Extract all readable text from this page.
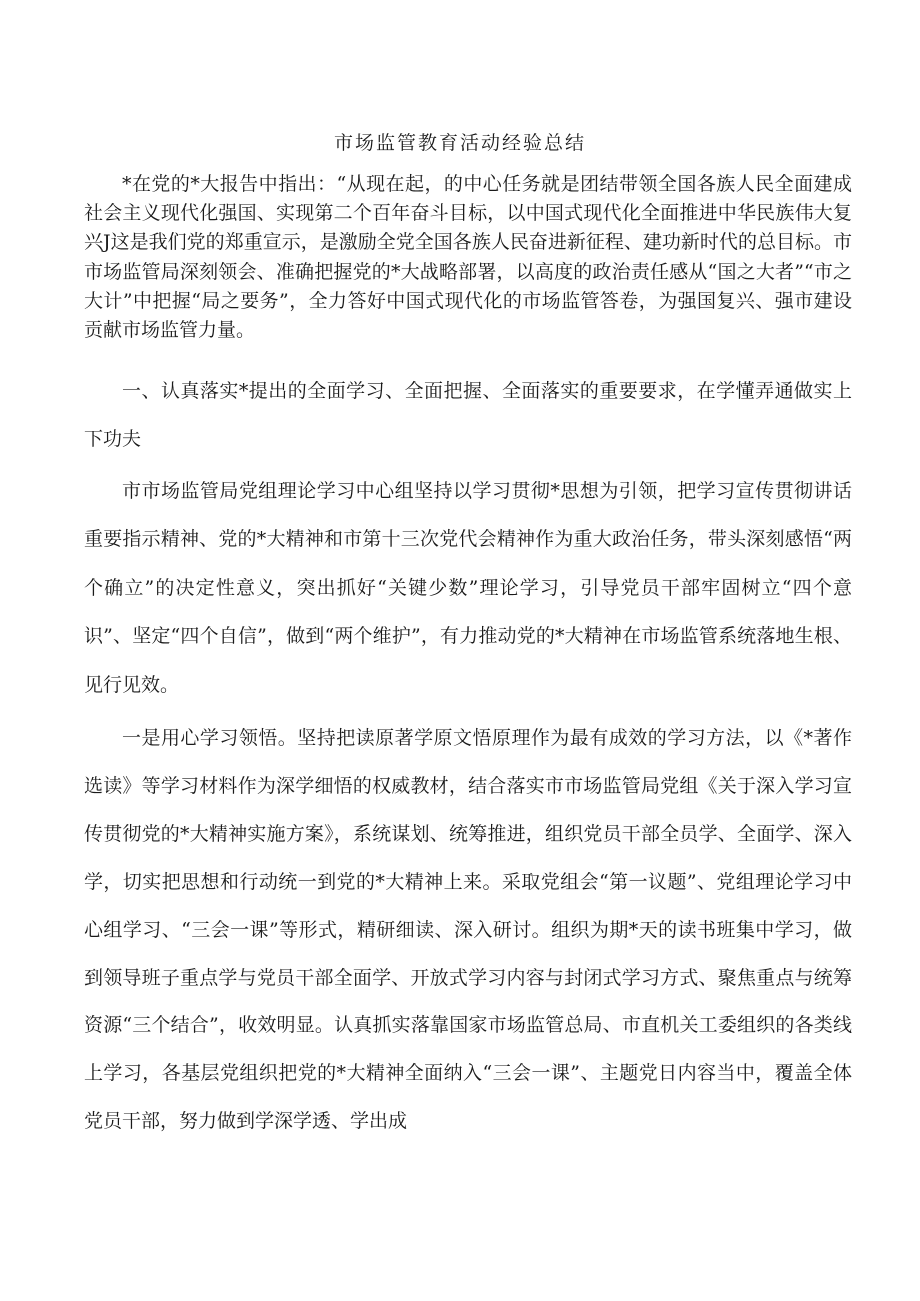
市场监管教育活动经验总结

*在党的*大报告中指出：“从现在起，的中心任务就是团结带领全国各族人民全面建成社会主义现代化强国、实现第二个百年奋斗目标，以中国式现代化全面推进中华民族伟大复兴J这是我们党的郑重宣示，是激励全党全国各族人民奋进新征程、建功新时代的总目标。市市场监管局深刻领会、准确把握党的*大战略部署，以高度的政治责任感从“国之大者”“市之大计”中把握“局之要务”，全力答好中国式现代化的市场监管答卷，为强国复兴、强市建设贡献市场监管力量。

一、认真落实*提出的全面学习、全面把握、全面落实的重要要求，在学懂弄通做实上下功夫

市市场监管局党组理论学习中心组坚持以学习贯彻*思想为引领，把学习宣传贯彻讲话重要指示精神、党的*大精神和市第十三次党代会精神作为重大政治任务，带头深刻感悟“两个确立”的决定性意义，突出抓好“关键少数”理论学习，引导党员干部牢固树立“四个意识”、坚定“四个自信”，做到“两个维护”，有力推动党的*大精神在市场监管系统落地生根、见行见效。

一是用心学习领悟。坚持把读原著学原文悟原理作为最有成效的学习方法，以《*著作选读》等学习材料作为深学细悟的权威教材，结合落实市市场监管局党组《关于深入学习宣传贯彻党的*大精神实施方案》，系统谋划、统筹推进，组织党员干部全员学、全面学、深入学，切实把思想和行动统一到党的*大精神上来。采取党组会“第一议题”、党组理论学习中心组学习、“三会一课”等形式，精研细读、深入研讨。组织为期*天的读书班集中学习，做到领导班子重点学与党员干部全面学、开放式学习内容与封闭式学习方式、聚焦重点与统筹资源“三个结合”，收效明显。认真抓实落靠国家市场监管总局、市直机关工委组织的各类线上学习，各基层党组织把党的*大精神全面纳入“三会一课”、主题党日内容当中，覆盖全体党员干部，努力做到学深学透、学出成
